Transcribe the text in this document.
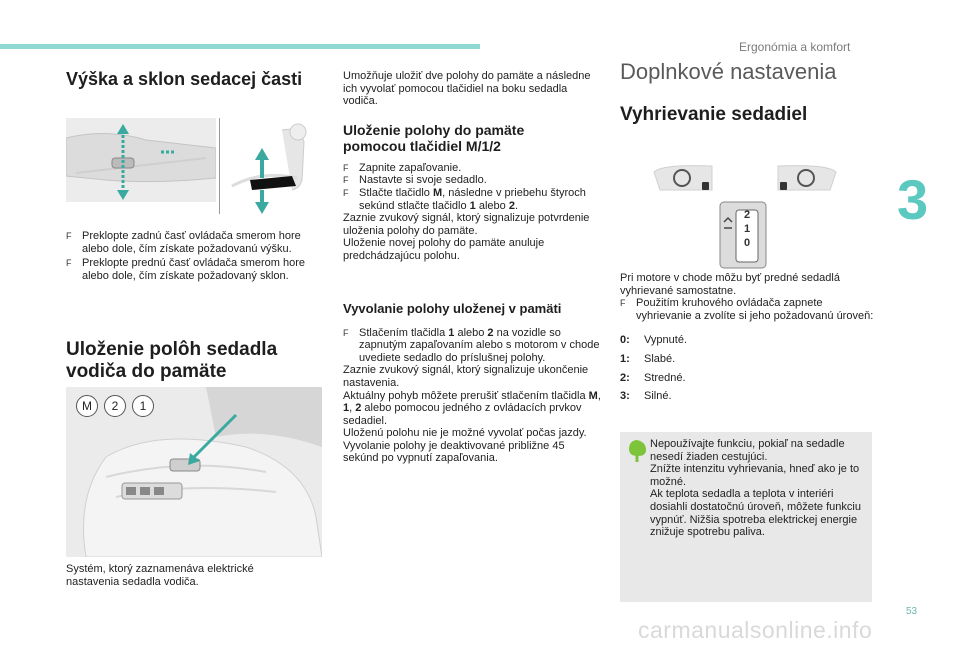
Ergonómia a komfort
3
53
carmanualsonline.info
Výška a sklon sedacej časti
F Preklopte zadnú časť ovládača smerom hore alebo dole, čím získate požadovanú výšku.
F Preklopte prednú časť ovládača smerom hore alebo dole, čím získate požadovaný sklon.
Uloženie polôh sedadla
vodiča do pamäte
M	2	1

Systém, ktorý zaznamenáva elektrické

nastavenia sedadla vodiča.

Umožňuje uložiť dve polohy do pamäte a následne ich vyvolať pomocou tlačidiel na boku sedadla vodiča.

Uloženie polohy do pamäte
pomocou tlačidiel M/1/2
F Zapnite zapaľovanie.
F Nastavte si svoje sedadlo.
F Stlačte tlačidlo M, následne v priebehu štyroch sekúnd stlačte tlačidlo 1 alebo 2.

Zaznie zvukový signál, ktorý signalizuje potvrdenie uloženia polohy do pamäte.

Uloženie novej polohy do pamäte anuluje predchádzajúcu polohu.

Vyvolanie polohy uloženej v pamäti
F Stlačením tlačidla 1 alebo 2 na vozidle so zapnutým zapaľovaním alebo s motorom v chode uvediete sedadlo do príslušnej polohy.

Zaznie zvukový signál, ktorý signalizuje ukončenie nastavenia.

Aktuálny pohyb môžete prerušiť stlačením tlačidla M, 1, 2 alebo pomocou jedného z ovládacích prvkov sedadiel.

Uloženú polohu nie je možné vyvolať počas jazdy.

Vyvolanie polohy je deaktivované približne 45 sekúnd po vypnutí zapaľovania.

Doplnkové nastavenia
Vyhrievanie sedadiel
2
1
0

Pri motore v chode môžu byť predné sedadlá vyhrievané samostatne.

F Použitím kruhového ovládača zapnete vyhrievanie a zvolíte si jeho požadovanú úroveň:
0:	Vypnuté.
1:	Slabé.
2:	Stredné.
3:	Silné.

Nepoužívajte funkciu, pokiaľ na sedadle nesedí žiaden cestujúci.

Znížte intenzitu vyhrievania, hneď ako je to možné.

Ak teplota sedadla a teplota v interiéri dosiahli dostatočnú úroveň, môžete funkciu vypnúť. Nižšia spotreba elektrickej energie znižuje spotrebu paliva.
